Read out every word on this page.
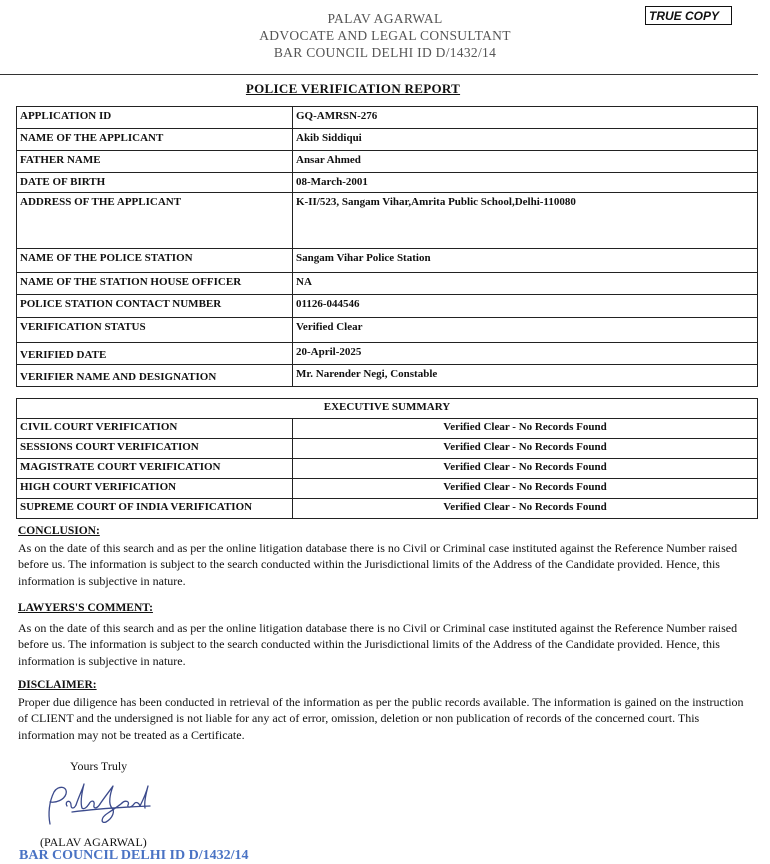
PALAV AGARWAL
ADVOCATE AND LEGAL CONSULTANT
BAR COUNCIL DELHI ID D/1432/14
TRUE COPY
POLICE VERIFICATION REPORT
APPLICATION ID	GQ-AMRSN-276
NAME OF THE APPLICANT	Akib Siddiqui
FATHER NAME	Ansar Ahmed
DATE OF BIRTH	08-March-2001
ADDRESS OF THE APPLICANT	K-II/523, Sangam Vihar,Amrita Public School,Delhi-110080
NAME OF THE POLICE STATION	Sangam Vihar Police Station
NAME OF THE STATION HOUSE OFFICER	NA
POLICE STATION CONTACT NUMBER	01126-044546
VERIFICATION STATUS	Verified Clear
VERIFIED DATE	20-April-2025
VERIFIER NAME AND DESIGNATION	Mr. Narender Negi, Constable
EXECUTIVE SUMMARY	
CIVIL COURT VERIFICATION	Verified Clear - No Records Found
SESSIONS COURT VERIFICATION	Verified Clear - No Records Found
MAGISTRATE COURT VERIFICATION	Verified Clear - No Records Found
HIGH COURT VERIFICATION	Verified Clear - No Records Found
SUPREME COURT OF INDIA VERIFICATION	Verified Clear - No Records Found
CONCLUSION:
As on the date of this search and as per the online litigation database there is no Civil or Criminal case instituted against the Reference Number raised before us. The information is subject to the search conducted within the Jurisdictional limits of the Address of the Candidate provided. Hence, this information is subjective in nature.
LAWYERS'S COMMENT:
As on the date of this search and as per the online litigation database there is no Civil or Criminal case instituted against the Reference Number raised before us. The information is subject to the search conducted within the Jurisdictional limits of the Address of the Candidate provided. Hence, this information is subjective in nature.
DISCLAIMER:
Proper due diligence has been conducted in retrieval of the information as per the public records available. The information is gained on the instruction of CLIENT and the undersigned is not liable for any act of error, omission, deletion or non publication of records of the concerned court. This information may not be treated as a Certificate.
Yours Truly
(PALAV AGARWAL)
BAR COUNCIL DELHI ID D/1432/14
